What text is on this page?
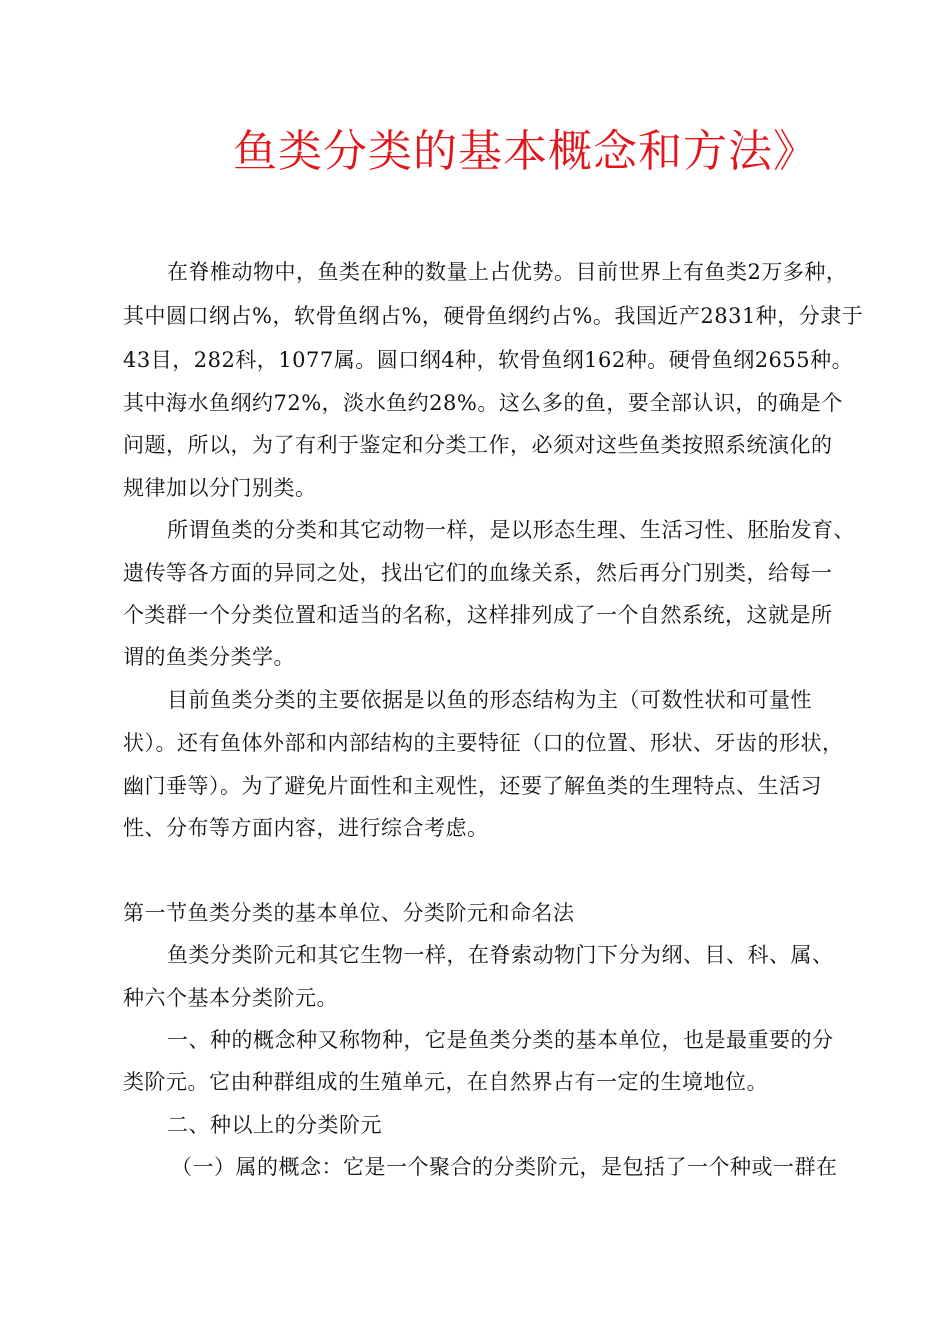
鱼类分类的基本概念和方法》
在脊椎动物中，鱼类在种的数量上占优势。目前世界上有鱼类2万多种，
其中圆口纲占%，软骨鱼纲占%，硬骨鱼纲约占%。我国近产2831种，分隶于
43目，282科，1077属。圆口纲4种，软骨鱼纲162种。硬骨鱼纲2655种。
其中海水鱼纲约72%，淡水鱼约28%。这么多的鱼，要全部认识，的确是个
问题，所以，为了有利于鉴定和分类工作，必须对这些鱼类按照系统演化的
规律加以分门别类。
所谓鱼类的分类和其它动物一样，是以形态生理、生活习性、胚胎发育、
遗传等各方面的异同之处，找出它们的血缘关系，然后再分门别类，给每一
个类群一个分类位置和适当的名称，这样排列成了一个自然系统，这就是所
谓的鱼类分类学。
目前鱼类分类的主要依据是以鱼的形态结构为主（可数性状和可量性
状）。还有鱼体外部和内部结构的主要特征（口的位置、形状、牙齿的形状，
幽门垂等）。为了避免片面性和主观性，还要了解鱼类的生理特点、生活习
性、分布等方面内容，进行综合考虑。
第一节鱼类分类的基本单位、分类阶元和命名法
鱼类分类阶元和其它生物一样，在脊索动物门下分为纲、目、科、属、
种六个基本分类阶元。
一、种的概念种又称物种，它是鱼类分类的基本单位，也是最重要的分
类阶元。它由种群组成的生殖单元，在自然界占有一定的生境地位。
二、种以上的分类阶元
（一）属的概念：它是一个聚合的分类阶元，是包括了一个种或一群在
